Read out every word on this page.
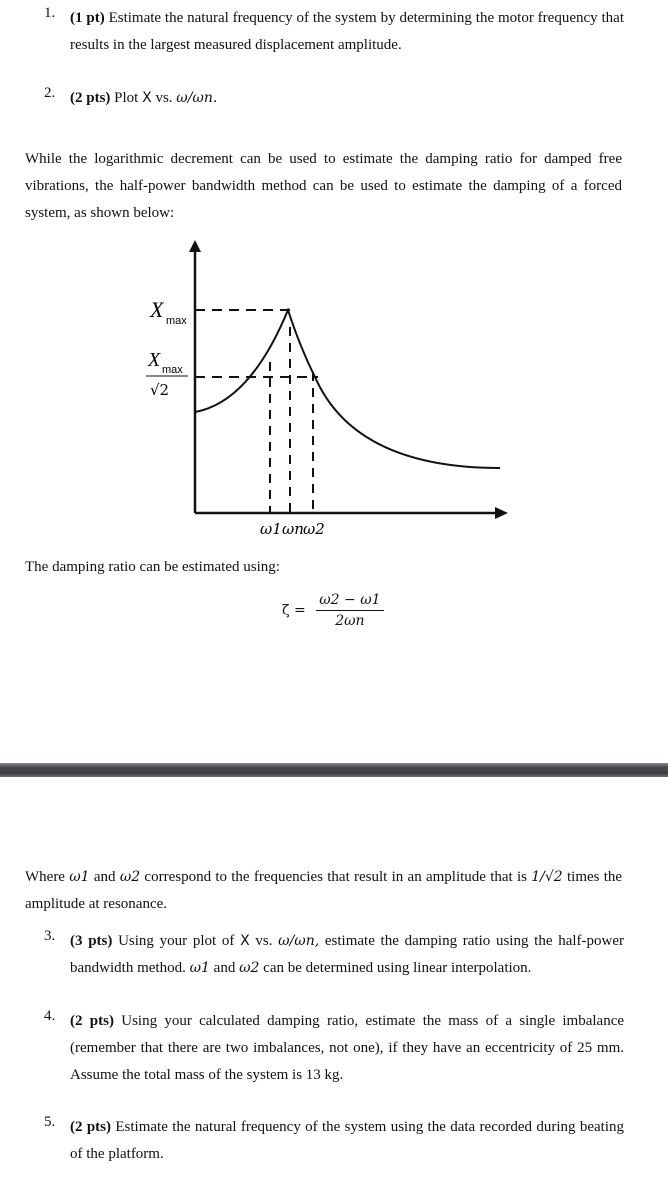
1. (1 pt) Estimate the natural frequency of the system by determining the motor frequency that results in the largest measured displacement amplitude.
2. (2 pts) Plot X vs. ω/ωn.
While the logarithmic decrement can be used to estimate the damping ratio for damped free vibrations, the half-power bandwidth method can be used to estimate the damping of a forced system, as shown below:
X max
X max
√2
ω1 ωn ω2
The damping ratio can be estimated using:
$\zeta = \frac{\omega 2 - \omega 1}{2\omega n}$
Where ω1 and ω2 correspond to the frequencies that result in an amplitude that is 1/√2 times the amplitude at resonance.
3. (3 pts) Using your plot of X vs. ω/ωn, estimate the damping ratio using the half-power bandwidth method. ω1 and ω2 can be determined using linear interpolation.
4. (2 pts) Using your calculated damping ratio, estimate the mass of a single imbalance (remember that there are two imbalances, not one), if they have an eccentricity of 25 mm. Assume the total mass of the system is 13 kg.
5. (2 pts) Estimate the natural frequency of the system using the data recorded during beating of the platform.
